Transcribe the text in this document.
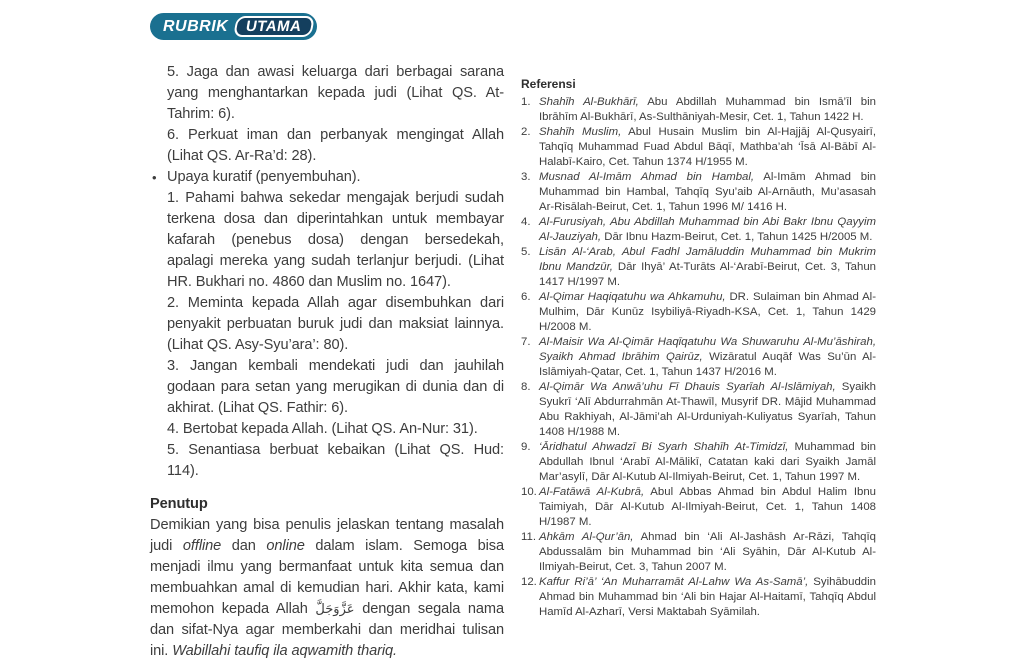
RUBRIK UTAMA
5. Jaga dan awasi keluarga dari berbagai sarana yang menghantarkan kepada judi (Lihat QS. At-Tahrim: 6).
6. Perkuat iman dan perbanyak mengingat Allah (Lihat QS. Ar-Ra’d: 28).
• Upaya kuratif (penyembuhan).
1. Pahami bahwa sekedar mengajak berjudi sudah terkena dosa dan diperintahkan untuk membayar kafarah (penebus dosa) dengan bersedekah, apalagi mereka yang sudah terlanjur berjudi. (Lihat HR. Bukhari no. 4860 dan Muslim no. 1647).
2. Meminta kepada Allah agar disembuhkan dari penyakit perbuatan buruk judi dan maksiat lainnya. (Lihat QS. Asy-Syu’ara’: 80).
3. Jangan kembali mendekati judi dan jauhilah godaan para setan yang merugikan di dunia dan di akhirat. (Lihat QS. Fathir: 6).
4. Bertobat kepada Allah. (Lihat QS. An-Nur: 31).
5. Senantiasa berbuat kebaikan (Lihat QS. Hud: 114).
Penutup

Demikian yang bisa penulis jelaskan tentang masalah judi offline dan online dalam islam. Semoga bisa menjadi ilmu yang bermanfaat untuk kita semua dan membuahkan amal di kemudian hari. Akhir kata, kami memohon kepada Allah عَزَّوَجَلَّ dengan segala nama dan sifat-Nya agar memberkahi dan meridhai tulisan ini. Wabillahi taufiq ila aqwamith thariq.

Referensi
1. Shahīh Al-Bukhārī, Abu Abdillah Muhammad bin Ismā’īl bin Ibrāhīm Al-Bukhārī, As-Sulthāniyah-Mesir, Cet. 1, Tahun 1422 H.
2. Shahīh Muslim, Abul Husain Muslim bin Al-Hajjāj Al-Qusyairī, Tahqīq Muhammad Fuad Abdul Bāqī, Mathba’ah ‘Īsā Al-Bābī Al-Halabī-Kairo, Cet. Tahun 1374 H/1955 M.
3. Musnad Al-Imām Ahmad bin Hambal, Al-Imām Ahmad bin Muhammad bin Hambal, Tahqīq Syu’aib Al-Arnāuth, Mu’asasah Ar-Risālah-Beirut, Cet. 1, Tahun 1996 M/ 1416 H.
4. Al-Furusiyah, Abu Abdillah Muhammad bin Abi Bakr Ibnu Qayyim Al-Jauziyah, Dār Ibnu Hazm-Beirut, Cet. 1, Tahun 1425 H/2005 M.
5. Lisān Al-‘Arab, Abul Fadhl Jamāluddin Muhammad bin Mukrim Ibnu Mandzūr, Dār Ihyā’ At-Turāts Al-‘Arabī-Beirut, Cet. 3, Tahun 1417 H/1997 M.
6. Al-Qimar Haqiqatuhu wa Ahkamuhu, DR. Sulaiman bin Ahmad Al-Mulhim, Dār Kunūz Isybiliyā-Riyadh-KSA, Cet. 1, Tahun 1429 H/2008 M.
7. Al-Maisir Wa Al-Qimār Haqīqatuhu Wa Shuwaruhu Al-Mu’āshirah, Syaikh Ahmad Ibrāhim Qairūz, Wizāratul Auqāf Was Su’ūn Al-Islāmiyah-Qatar, Cet. 1, Tahun 1437 H/2016 M.
8. Al-Qimār Wa Anwā’uhu Fī Dhauis Syarīah Al-Islāmiyah, Syaikh Syukrī ‘Alī Abdurrahmān At-Thawīl, Musyrif DR. Mājid Muhammad Abu Rakhiyah, Al-Jāmi’ah Al-Urduniyah-Kuliyatus Syarīah, Tahun 1408 H/1988 M.
9. ‘Āridhatul Ahwadzī Bi Syarh Shahīh At-Timidzī, Muhammad bin Abdullah Ibnul ‘Arabī Al-Mālikī, Catatan kaki dari Syaikh Jamāl Mar’asylī, Dār Al-Kutub Al-Ilmiyah-Beirut, Cet. 1, Tahun 1997 M.
10. Al-Fatāwā Al-Kubrā, Abul Abbas Ahmad bin Abdul Halim Ibnu Taimiyah, Dār Al-Kutub Al-Ilmiyah-Beirut, Cet. 1, Tahun 1408 H/1987 M.
11. Ahkām Al-Qur’ān, Ahmad bin ‘Ali Al-Jashāsh Ar-Rāzi, Tahqīq Abdussalām bin Muhammad bin ‘Ali Syāhin, Dār Al-Kutub Al-Ilmiyah-Beirut, Cet. 3, Tahun 2007 M.
12. Kaffur Ri’ā’ ‘An Muharramāt Al-Lahw Wa As-Samā’, Syihābuddin Ahmad bin Muhammad bin ‘Ali bin Hajar Al-Haitamī, Tahqīq Abdul Hamīd Al-Azharī, Versi Maktabah Syāmilah.
